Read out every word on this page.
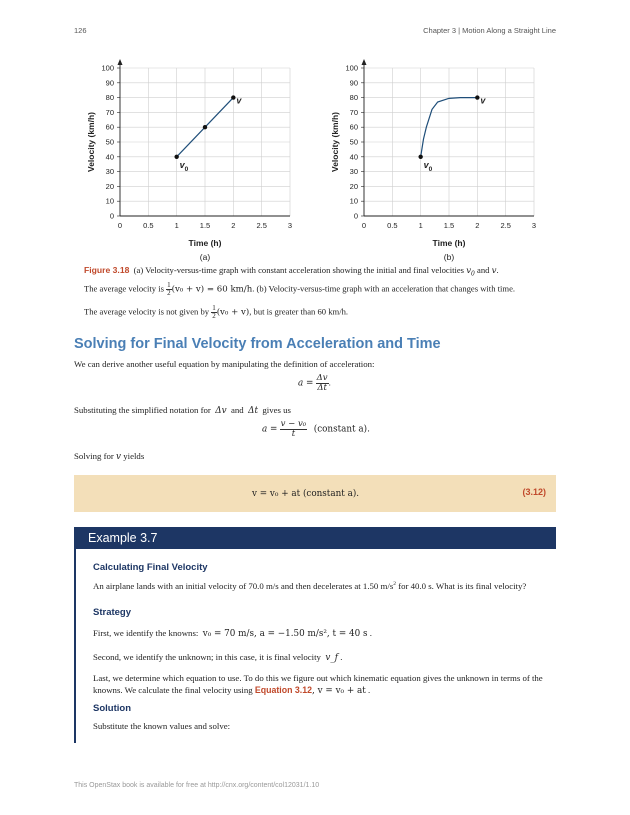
126	Chapter 3 | Motion Along a Straight Line
0	0.5	1	1.5	2	2.5	3
0
10
20
30
40
50
60
70
80
90
100
Time (h)
Velocity (km/h)
(a)
$v_0$
v
0	0.5	1	1.5	2	2.5	3
0
10
20
30
40
50
60
70
80
90
100
Time (h)
Velocity (km/h)
(b)
$v_0$
v
Figure 3.18 (a) Velocity-versus-time graph with constant acceleration showing the initial and final velocities $v_0$ and v.
The average velocity is $\frac{1}{2} (v_0 + v) = 60$ km/h. (b) Velocity-versus-time graph with an acceleration that changes with time.
The average velocity is not given by $\frac{1}{2} (v_0 + v)$, but is greater than 60 km/h.
Solving for Final Velocity from Acceleration and Time
We can derive another useful equation by manipulating the definition of acceleration:
$a = \frac{\Delta v}{\Delta t}$ .
Substituting the simplified notation for Δv and Δt gives us
$a = \frac{\text{v − v₀}}{t}$ (constant a).
Solving for v yields
v = v₀ + at (constant a).	(3.12)
Example 3.7
Calculating Final Velocity
An airplane lands with an initial velocity of 70.0 m/s and then decelerates at 1.50 $m/s^2$ for 40.0 s. What is its final velocity?
Strategy
First, we identify the knowns: v₀ = 70 m/s, a = −1.50 m/s², t = 40 s .
Second, we identify the unknown; in this case, it is final velocity v_f .
Last, we determine which equation to use. To do this we figure out which kinematic equation gives the unknown in terms of the knowns. We calculate the final velocity using Equation 3.12, v = v₀ + at .
Solution
Substitute the known values and solve:
This OpenStax book is available for free at http://cnx.org/content/col12031/1.10
